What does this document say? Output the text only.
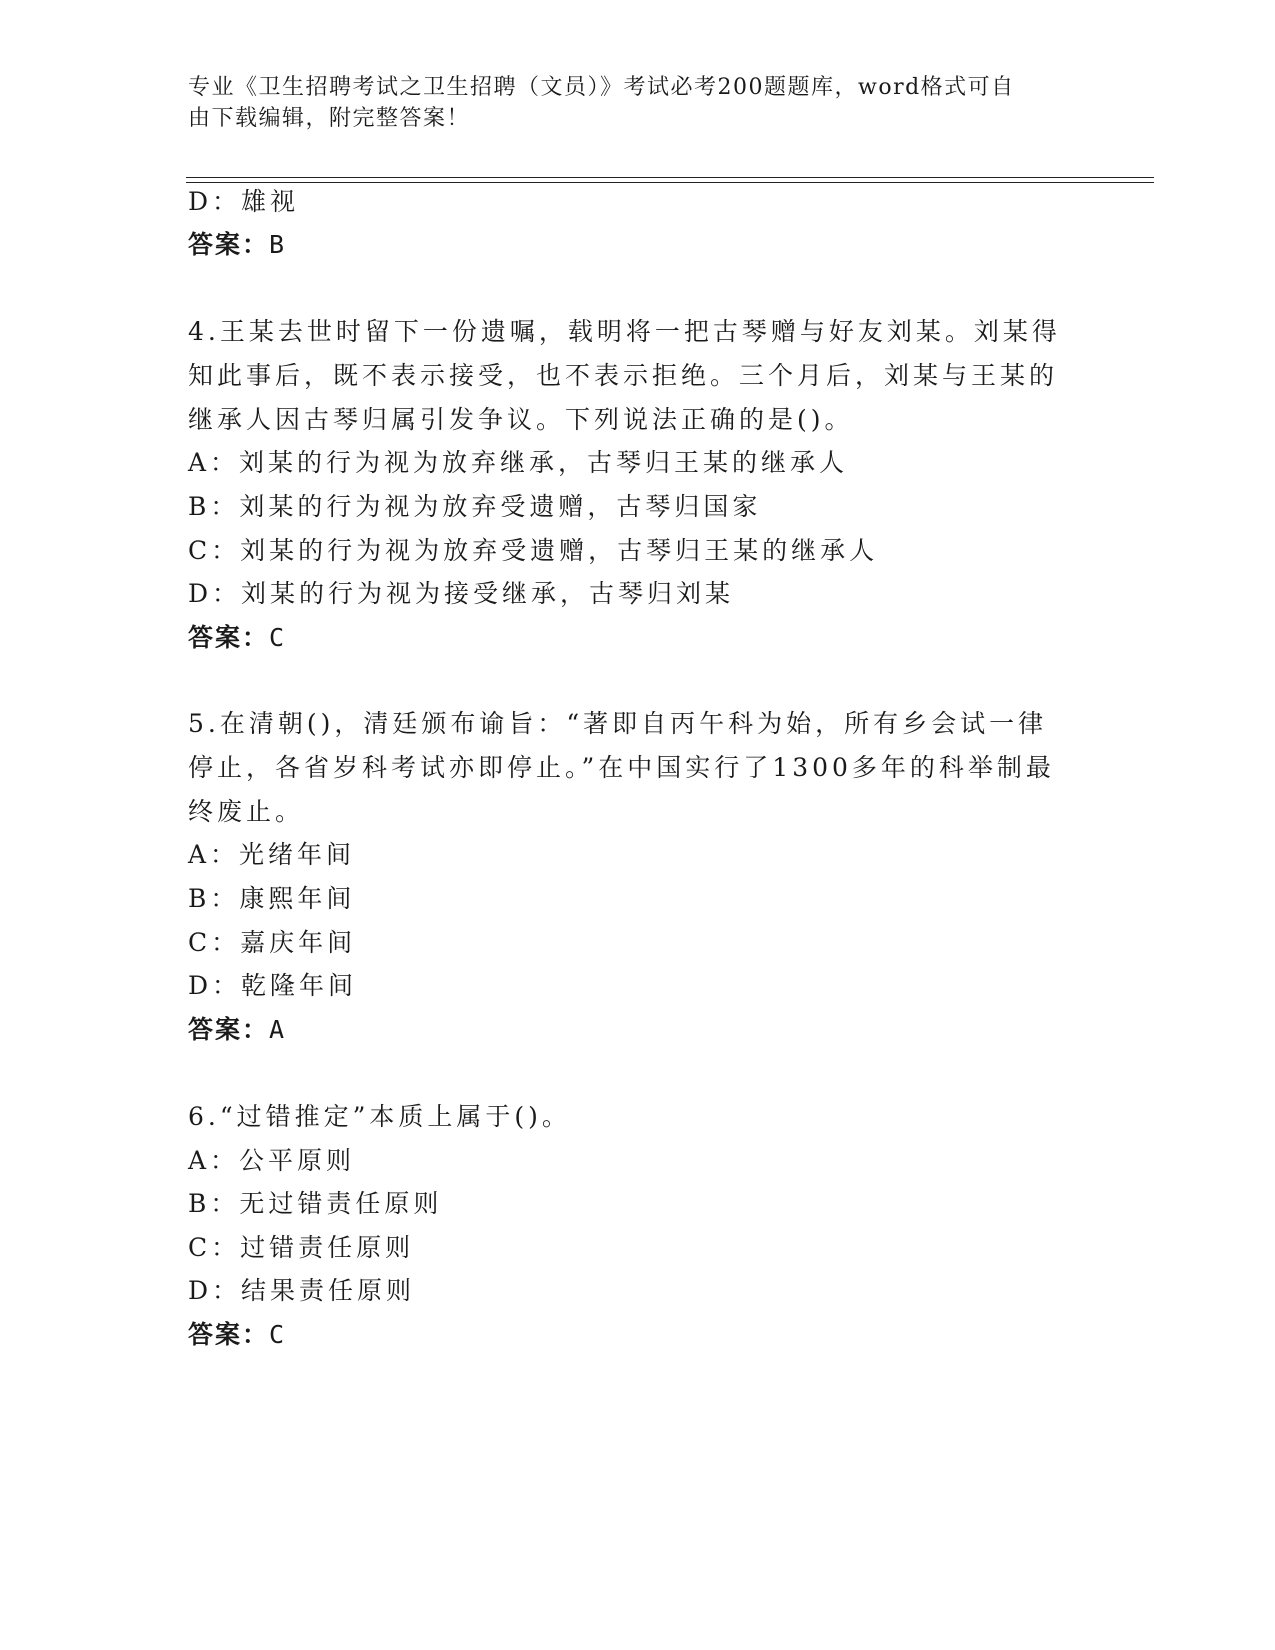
专业《卫生招聘考试之卫生招聘（文员）》考试必考200题题库，word格式可自
由下载编辑，附完整答案！
D：雄视
答案：B
4.王某去世时留下一份遗嘱，载明将一把古琴赠与好友刘某。刘某得
知此事后，既不表示接受，也不表示拒绝。三个月后，刘某与王某的
继承人因古琴归属引发争议。下列说法正确的是()。
A：刘某的行为视为放弃继承，古琴归王某的继承人
B：刘某的行为视为放弃受遗赠，古琴归国家
C：刘某的行为视为放弃受遗赠，古琴归王某的继承人
D：刘某的行为视为接受继承，古琴归刘某
答案：C
5.在清朝()，清廷颁布谕旨：“著即自丙午科为始，所有乡会试一律
停止，各省岁科考试亦即停止。”在中国实行了1300多年的科举制最
终废止。
A：光绪年间
B：康熙年间
C：嘉庆年间
D：乾隆年间
答案：A
6.“过错推定”本质上属于()。
A：公平原则
B：无过错责任原则
C：过错责任原则
D：结果责任原则
答案：C
